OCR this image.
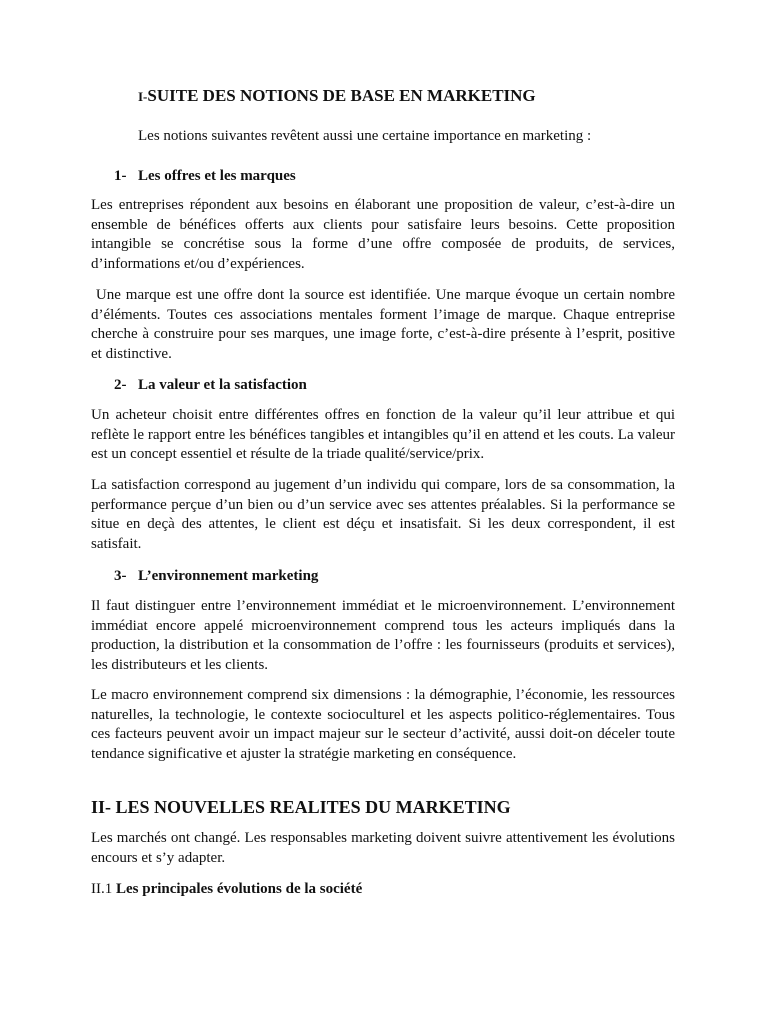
I-SUITE DES NOTIONS DE BASE EN MARKETING

Les notions suivantes revêtent aussi une certaine importance en marketing :

1- Les offres et les marques

Les entreprises répondent aux besoins en élaborant une proposition de valeur, c’est-à-dire un ensemble de bénéfices offerts aux clients pour satisfaire leurs besoins. Cette proposition intangible se concrétise sous la forme d’une offre composée de produits, de services, d’informations et/ou d’expériences.

Une marque est une offre dont la source est identifiée. Une marque évoque un certain nombre d’éléments. Toutes ces associations mentales forment l’image de marque. Chaque entreprise cherche à construire pour ses marques, une image forte, c’est-à-dire présente à l’esprit, positive et distinctive.

2- La valeur et la satisfaction

Un acheteur choisit entre différentes offres en fonction de la valeur qu’il leur attribue et qui reflète le rapport entre les bénéfices tangibles et intangibles qu’il en attend et les couts. La valeur est un concept essentiel et résulte de la triade qualité/service/prix.

La satisfaction correspond au jugement d’un individu qui compare, lors de sa consommation, la performance perçue d’un bien ou d’un service avec ses attentes préalables. Si la performance se situe en deçà des attentes, le client est déçu et insatisfait. Si les deux correspondent, il est satisfait.

3- L’environnement marketing

Il faut distinguer entre l’environnement immédiat et le microenvironnement. L’environnement immédiat encore appelé microenvironnement comprend tous les acteurs impliqués dans la production, la distribution et la consommation de l’offre : les fournisseurs (produits et services), les distributeurs et les clients.

Le macro environnement comprend six dimensions : la démographie, l’économie, les ressources naturelles, la technologie, le contexte socioculturel et les aspects politico-réglementaires. Tous ces facteurs peuvent avoir un impact majeur sur le secteur d’activité, aussi doit-on déceler toute tendance significative et ajuster la stratégie marketing en conséquence.

II- LES NOUVELLES REALITES DU MARKETING

Les marchés ont changé. Les responsables marketing doivent suivre attentivement les évolutions encours et s’y adapter.

II.1 Les principales évolutions de la société
